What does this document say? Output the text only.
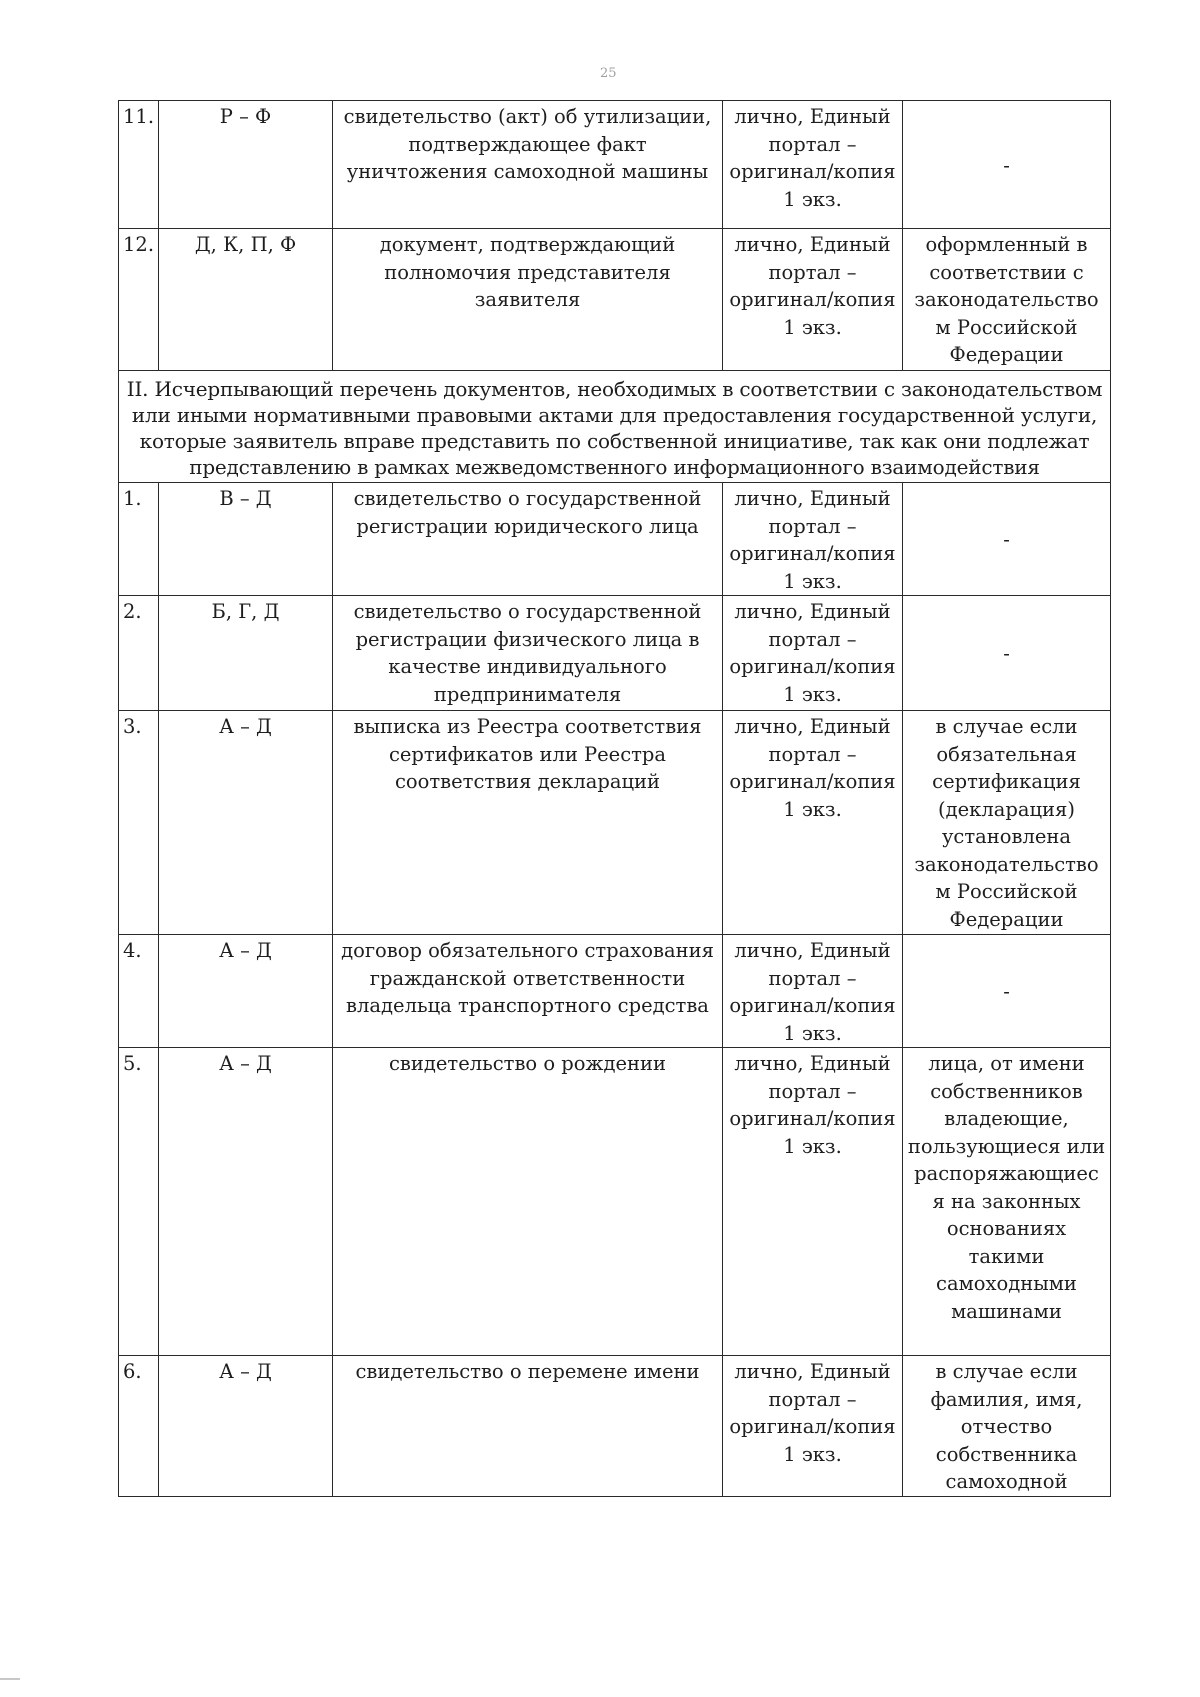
25
11.	Р – Ф	свидетельство (акт) об утилизации, подтверждающее факт уничтожения самоходной машины	лично, Единый портал – оригинал/копия 1 экз.	-
12.	Д, К, П, Ф	документ, подтверждающий полномочия представителя заявителя	лично, Единый портал – оригинал/копия 1 экз.	оформленный в соответствии с законодательство м Российской Федерации
II. Исчерпывающий перечень документов, необходимых в соответствии с законодательством или иными нормативными правовыми актами для предоставления государственной услуги, которые заявитель вправе представить по собственной инициативе, так как они подлежат представлению в рамках межведомственного информационного взаимодействия				
1.	В – Д	свидетельство о государственной регистрации юридического лица	лично, Единый портал – оригинал/копия 1 экз.	-
2.	Б, Г, Д	свидетельство о государственной регистрации физического лица в качестве индивидуального предпринимателя	лично, Единый портал – оригинал/копия 1 экз.	-
3.	А – Д	выписка из Реестра соответствия сертификатов или Реестра соответствия деклараций	лично, Единый портал – оригинал/копия 1 экз.	в случае если обязательная сертификация (декларация) установлена законодательство м Российской Федерации
4.	А – Д	договор обязательного страхования гражданской ответственности владельца транспортного средства	лично, Единый портал – оригинал/копия 1 экз.	-
5.	А – Д	свидетельство о рождении	лично, Единый портал – оригинал/копия 1 экз.	лица, от имени собственников владеющие, пользующиеся или распоряжающиес я на законных основаниях такими самоходными машинами
6.	А – Д	свидетельство о перемене имени	лично, Единый портал – оригинал/копия 1 экз.	в случае если фамилия, имя, отчество собственника самоходной
